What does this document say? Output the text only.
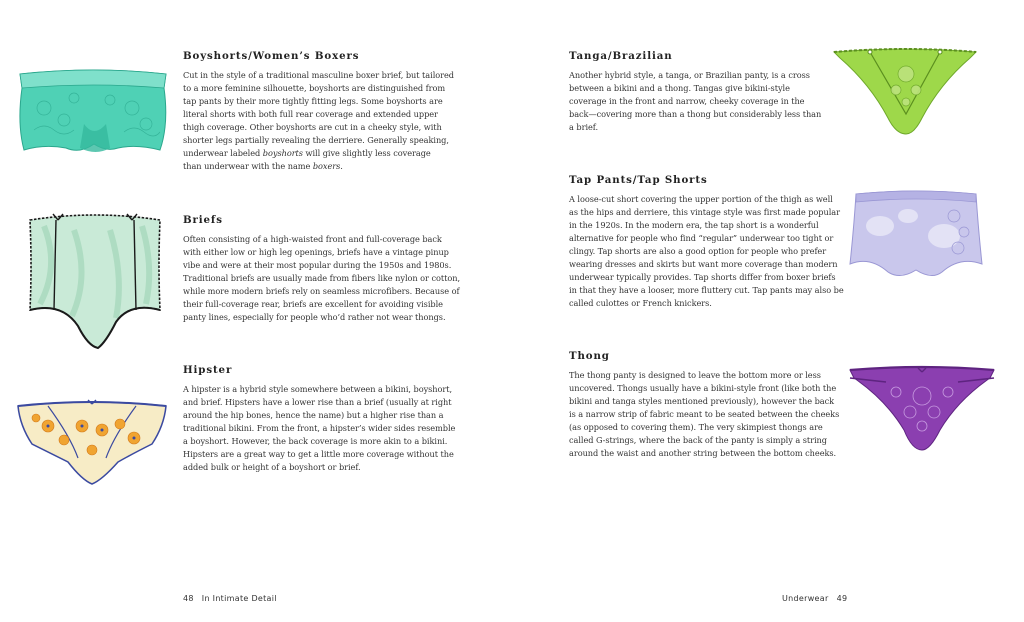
Boyshorts/Women’s Boxers

Cut in the style of a traditional masculine boxer brief, but tailored
to a more feminine silhouette, boyshorts are distinguished from
tap pants by their more tightly fitting legs. Some boyshorts are
literal shorts with both full rear coverage and extended upper
thigh coverage. Other boyshorts are cut in a cheeky style, with
shorter legs partially revealing the derriere. Generally speaking,
underwear labeled boyshorts will give slightly less coverage
than underwear with the name boxers.

Briefs

Often consisting of a high-waisted front and full-coverage back
with either low or high leg openings, briefs have a vintage pinup
vibe and were at their most popular during the 1950s and 1980s.
Traditional briefs are usually made from fibers like nylon or cotton,
while more modern briefs rely on seamless microfibers. Because of
their full-coverage rear, briefs are excellent for avoiding visible
panty lines, especially for people who’d rather not wear thongs.

Hipster

A hipster is a hybrid style somewhere between a bikini, boyshort,
and brief. Hipsters have a lower rise than a brief (usually at right
around the hip bones, hence the name) but a higher rise than a
traditional bikini. From the front, a hipster’s wider sides resemble
a boyshort. However, the back coverage is more akin to a bikini.
Hipsters are a great way to get a little more coverage without the
added bulk or height of a boyshort or brief.

48 In Intimate Detail
Tanga/Brazilian

Another hybrid style, a tanga, or Brazilian panty, is a cross
between a bikini and a thong. Tangas give bikini-style
coverage in the front and narrow, cheeky coverage in the
back—covering more than a thong but considerably less than
a brief.

Tap Pants/Tap Shorts

A loose-cut short covering the upper portion of the thigh as well
as the hips and derriere, this vintage style was first made popular
in the 1920s. In the modern era, the tap short is a wonderful
alternative for people who find “regular” underwear too tight or
clingy. Tap shorts are also a good option for people who prefer
wearing dresses and skirts but want more coverage than modern
underwear typically provides. Tap shorts differ from boxer briefs
in that they have a looser, more fluttery cut. Tap pants may also be
called culottes or French knickers.

Thong

The thong panty is designed to leave the bottom more or less
uncovered. Thongs usually have a bikini-style front (like both the
bikini and tanga styles mentioned previously), however the back
is a narrow strip of fabric meant to be seated between the cheeks
(as opposed to covering them). The very skimpiest thongs are
called G-strings, where the back of the panty is simply a string
around the waist and another string between the bottom cheeks.

Underwear 49
